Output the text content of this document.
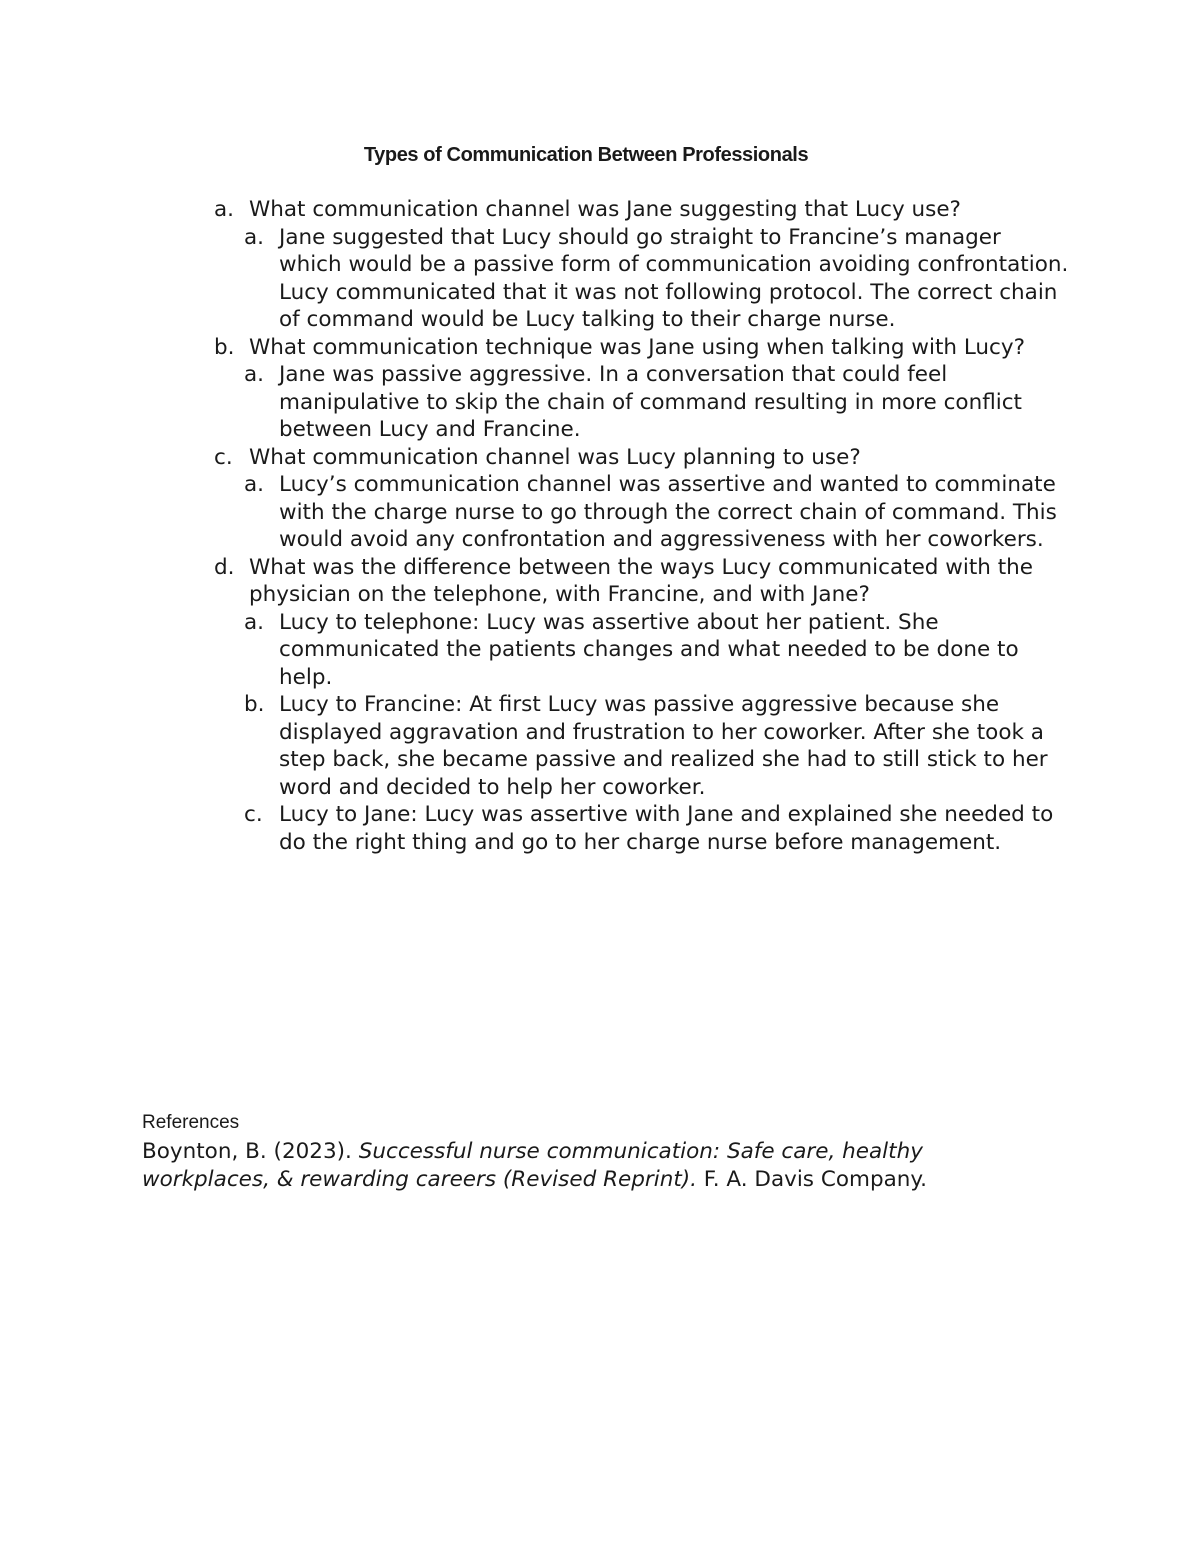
Types of Communication Between Professionals
a. What communication channel was Jane suggesting that Lucy use?
a. Jane suggested that Lucy should go straight to Francine’s manager which would be a passive form of communication avoiding confrontation. Lucy communicated that it was not following protocol. The correct chain of command would be Lucy talking to their charge nurse.
b. What communication technique was Jane using when talking with Lucy?
a. Jane was passive aggressive. In a conversation that could feel manipulative to skip the chain of command resulting in more conflict between Lucy and Francine.
c. What communication channel was Lucy planning to use?
a. Lucy’s communication channel was assertive and wanted to comminate with the charge nurse to go through the correct chain of command. This would avoid any confrontation and aggressiveness with her coworkers.
d. What was the difference between the ways Lucy communicated with the physician on the telephone, with Francine, and with Jane?
a. Lucy to telephone: Lucy was assertive about her patient. She communicated the patients changes and what needed to be done to help.
b. Lucy to Francine: At first Lucy was passive aggressive because she displayed aggravation and frustration to her coworker. After she took a step back, she became passive and realized she had to still stick to her word and decided to help her coworker.
c. Lucy to Jane: Lucy was assertive with Jane and explained she needed to do the right thing and go to her charge nurse before management.
References
Boynton, B. (2023). Successful nurse communication: Safe care, healthy workplaces, & rewarding careers (Revised Reprint). F. A. Davis Company.
